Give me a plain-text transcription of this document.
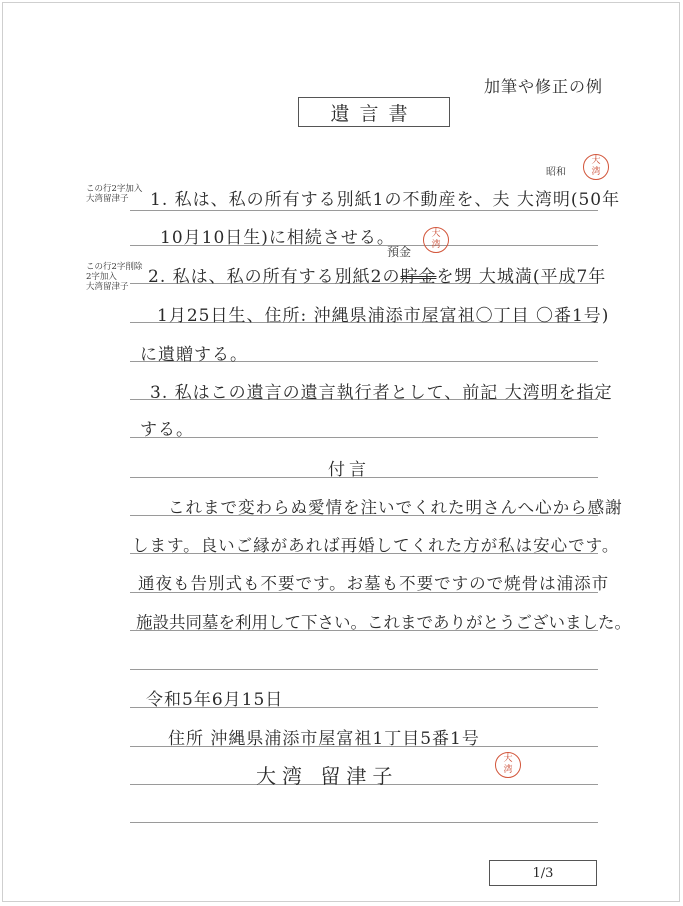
加筆や修正の例
遺言書
この行2字加入
大湾留津子
この行2字削除
2字加入
大湾留津子
昭和
預金
大
湾
大
湾
大
湾
1. 私は、私の所有する別紙1の不動産を、夫 大湾明(50年
10月10日生)に相続させる。
2. 私は、私の所有する別紙2の貯金を甥 大城満(平成7年
1月25日生、住所: 沖縄県浦添市屋富祖〇丁目 〇番1号)
に遺贈する。
3. 私はこの遺言の遺言執行者として、前記 大湾明を指定
する。
付言
これまで変わらぬ愛情を注いでくれた明さんへ心から感謝
します。良いご縁があれば再婚してくれた方が私は安心です。
通夜も告別式も不要です。お墓も不要ですので焼骨は浦添市
施設共同墓を利用して下さい。これまでありがとうございました。
令和5年6月15日
住所 沖縄県浦添市屋富祖1丁目5番1号
大湾 留津子
1/3
